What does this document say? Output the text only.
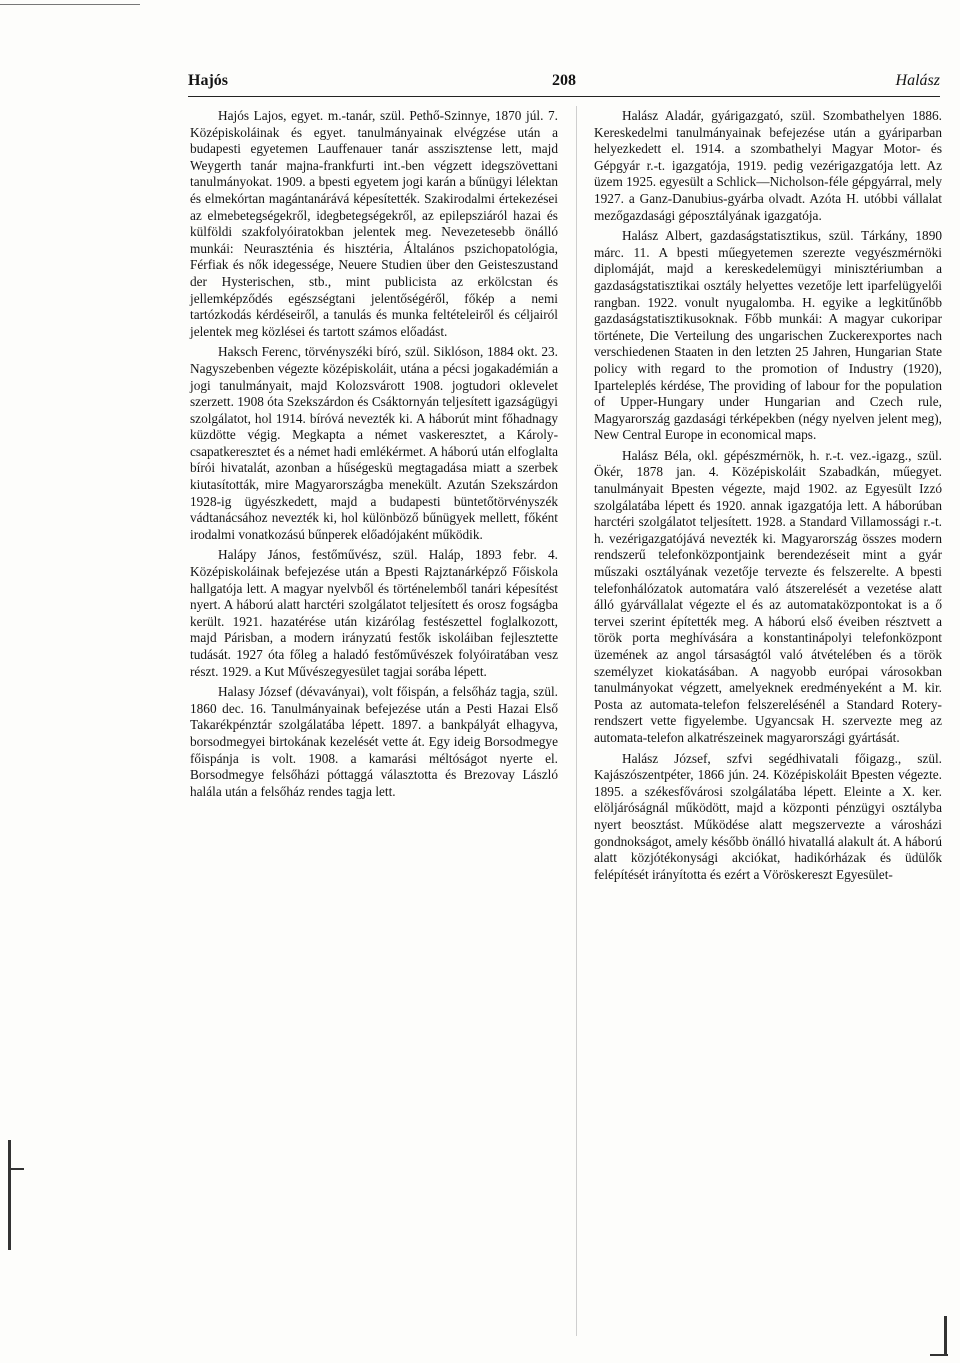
Hajós	208	Halász

Hajós Lajos, egyet. m.-tanár, szül. Pethő-Szinnye, 1870 júl. 7. Középiskoláinak és egyet. tanulmányainak elvégzése után a budapesti egyetemen Lauffenauer tanár asszisztense lett, majd Weygerth tanár majna-frankfurti int.-ben végzett idegszövettani tanulmányokat. 1909. a bpesti egyetem jogi karán a bűnügyi lélektan és elmekórtan magántanárává képesítették. Szakirodalmi értekezései az elmebetegségekről, idegbetegségekről, az epilepsziáról hazai és külföldi szakfolyóiratokban jelentek meg. Nevezetesebb önálló munkái: Neuraszténia és hisztéria, Általános pszichopatológia, Férfiak és nők idegessége, Neuere Studien über den Geisteszustand der Hysterischen, stb., mint publicista az erkölcstan és jellemképződés egészségtani jelentőségéről, főkép a nemi tartózkodás kérdéseiről, a tanulás és munka feltételeiről és céljairól jelentek meg közlései és tartott számos előadást.

Haksch Ferenc, törvényszéki bíró, szül. Siklóson, 1884 okt. 23. Nagyszebenben végezte középiskoláit, utána a pécsi jogakadémián a jogi tanulmányait, majd Kolozsvárott 1908. jogtudori oklevelet szerzett. 1908 óta Szekszárdon és Csáktornyán teljesített igazságügyi szolgálatot, hol 1914. bíróvá nevezték ki. A háborút mint főhadnagy küzdötte végig. Megkapta a német vaskeresztet, a Károly-csapatkeresztet és a német hadi emlékérmet. A háború után elfoglalta bírói hivatalát, azonban a hűségeskü megtagadása miatt a szerbek kiutasították, mire Magyarországba menekült. Azután Szekszárdon 1928-ig ügyészkedett, majd a budapesti büntetőtörvényszék vádtanácsához nevezték ki, hol különböző bűnügyek mellett, főként irodalmi vonatkozású bűnperek előadójaként működik.

Halápy János, festőművész, szül. Haláp, 1893 febr. 4. Középiskoláinak befejezése után a Bpesti Rajztanárképző Főiskola hallgatója lett. A magyar nyelvből és történelemből tanári képesítést nyert. A háború alatt harctéri szolgálatot teljesített és orosz fogságba került. 1921. hazatérése után kizárólag festészettel foglalkozott, majd Párisban, a modern irányzatú festők iskoláiban fejlesztette tudását. 1927 óta főleg a haladó festőművészek folyóiratában vesz részt. 1929. a Kut Művészegyesület tagjai sorába lépett.

Halasy József (dévaványai), volt főispán, a felsőház tagja, szül. 1860 dec. 16. Tanulmányainak befejezése után a Pesti Hazai Első Takarékpénztár szolgálatába lépett. 1897. a bankpályát elhagyva, borsodmegyei birtokának kezelését vette át. Egy ideig Borsodmegye főispánja is volt. 1908. a kamarási méltóságot nyerte el. Borsodmegye felsőházi póttaggá választotta és Brezovay László halála után a felsőház rendes tagja lett.

Halász Aladár, gyárigazgató, szül. Szombathelyen 1886. Kereskedelmi tanulmányainak befejezése után a gyáriparban helyezkedett el. 1914. a szombathelyi Magyar Motor- és Gépgyár r.-t. igazgatója, 1919. pedig vezérigazgatója lett. Az üzem 1925. egyesült a Schlick—Nicholson-féle gépgyárral, mely 1927. a Ganz-Danubius-gyárba olvadt. Azóta H. utóbbi vállalat mezőgazdasági géposztályának igazgatója.

Halász Albert, gazdaságstatisztikus, szül. Tárkány, 1890 márc. 11. A bpesti műegyetemen szerezte vegyészmérnöki diplomáját, majd a kereskedelemügyi minisztériumban a gazdaságstatisztikai osztály helyettes vezetője lett iparfelügyelői rangban. 1922. vonult nyugalomba. H. egyike a legkitűnőbb gazdaságstatisztikusoknak. Főbb munkái: A magyar cukoripar története, Die Verteilung des ungarischen Zuckerexportes nach verschiedenen Staaten in den letzten 25 Jahren, Hungarian State policy with regard to the promotion of Industry (1920), Iparteleplés kérdése, The providing of labour for the population of Upper-Hungary under Hungarian and Czech rule, Magyarország gazdasági térképekben (négy nyelven jelent meg), New Central Europe in economical maps.

Halász Béla, okl. gépészmérnök, h. r.-t. vez.-igazg., szül. Ökér, 1878 jan. 4. Középiskoláit Szabadkán, műegyet. tanulmányait Bpesten végezte, majd 1902. az Egyesült Izzó szolgálatába lépett és 1920. annak igazgatója lett. A háborúban harctéri szolgálatot teljesített. 1928. a Standard Villamossági r.-t. h. vezérigazgatójává nevezték ki. Magyarország összes modern rendszerű telefonközpontjaink berendezéseit mint a gyár műszaki osztályának vezetője tervezte és felszerelte. A bpesti telefonhálózatok automatára való átszerelését a vezetése alatt álló gyárvállalat végezte el és az automataközpontokat is a ő tervei szerint építették meg. A háború első éveiben résztvett a török porta meghívására a konstantinápolyi telefonközpont üzemének az angol társaságtól való átvételében és a török személyzet kiokatásában. A nagyobb európai városokban tanulmányokat végzett, amelyeknek eredményeként a M. kir. Posta az automata-telefon felszerelésénél a Standard Rotery-rendszert vette figyelembe. Ugyancsak H. szervezte meg az automata-telefon alkatrészeinek magyarországi gyártását.

Halász József, szfvi segédhivatali főigazg., szül. Kajászószentpéter, 1866 jún. 24. Középiskoláit Bpesten végezte. 1895. a székesfővárosi szolgálatába lépett. Eleinte a X. ker. elöljáróságnál működött, majd a központi pénzügyi osztályba nyert beosztást. Működése alatt megszervezte a városházi gondnokságot, amely később önálló hivatallá alakult át. A háború alatt közjótékonysági akciókat, hadikórházak és üdülők felépítését irányította és ezért a Vöröskereszt Egyesület-
